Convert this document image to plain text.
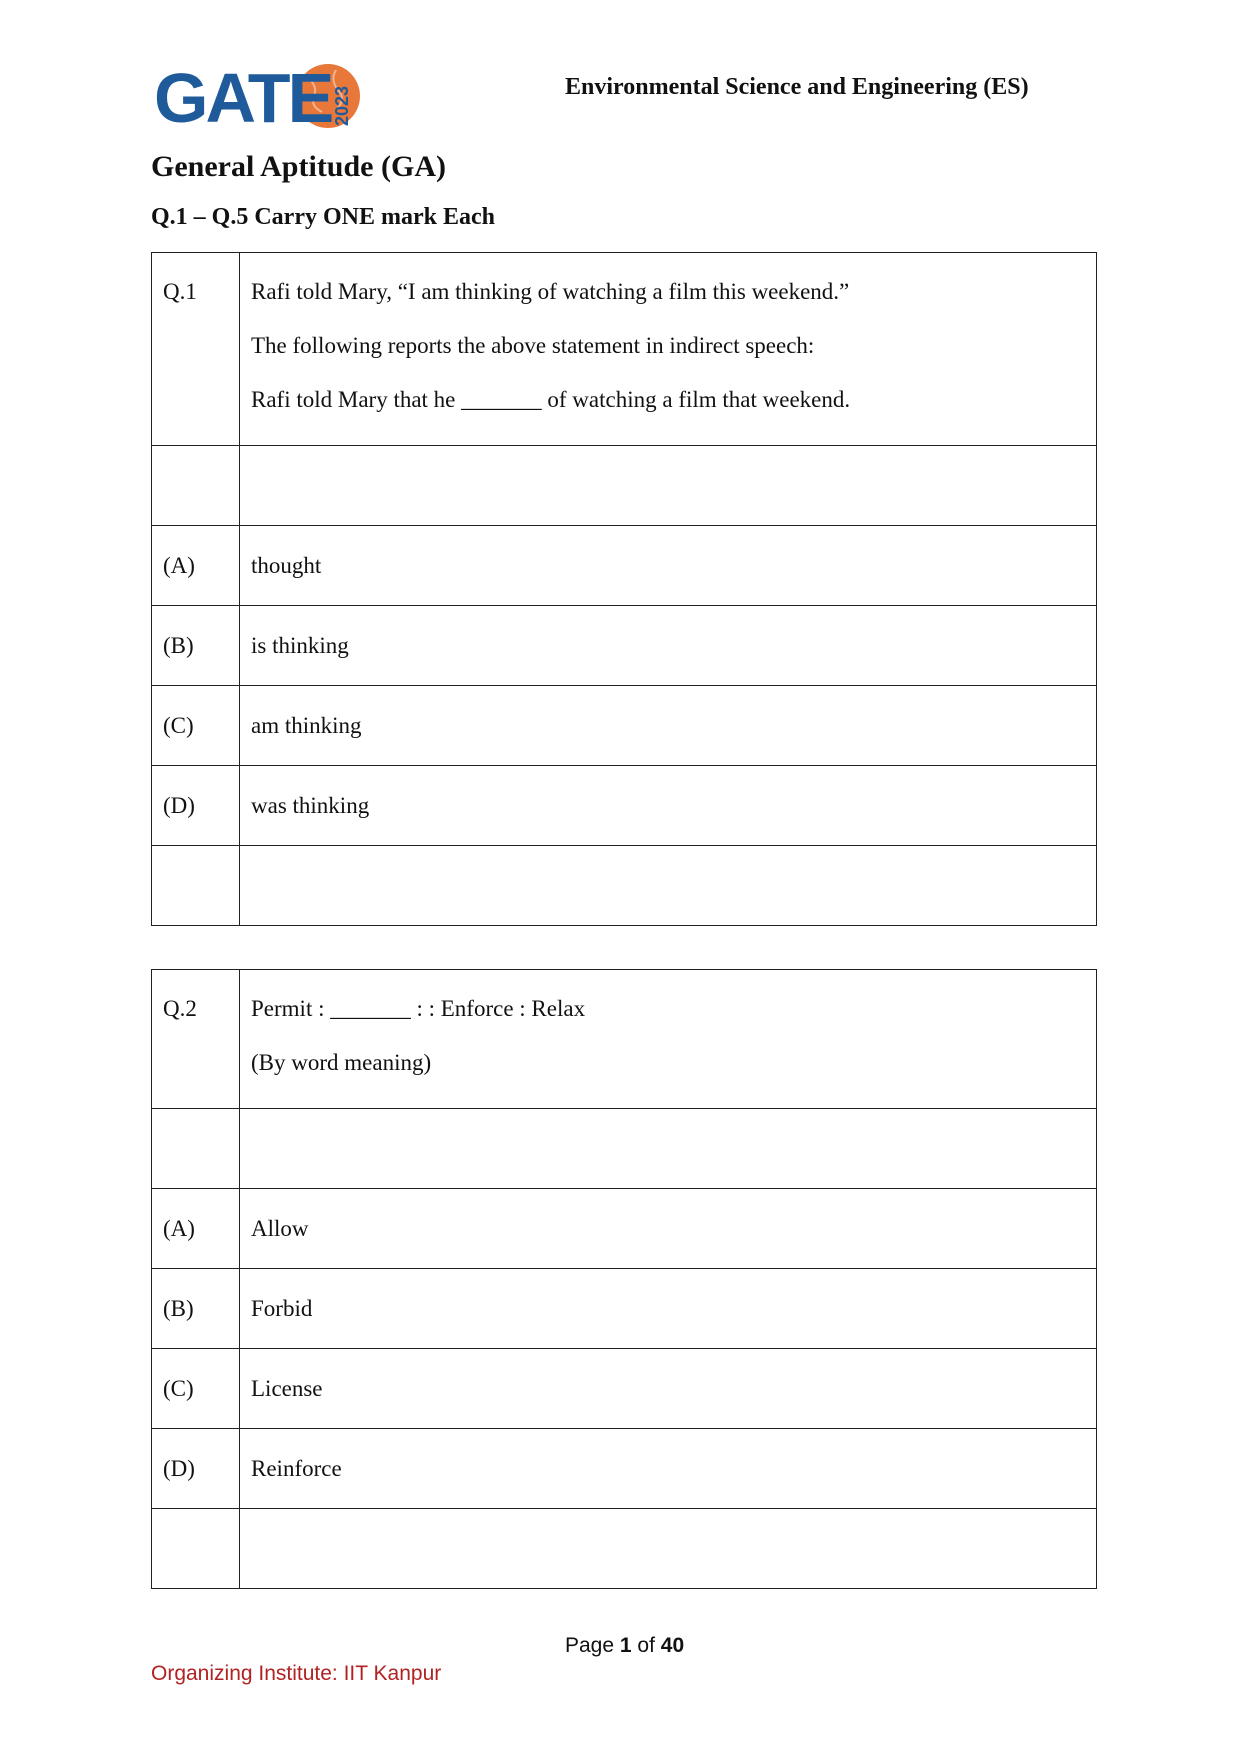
GATE 2023	Environmental Science and Engineering (ES)
General Aptitude (GA)
Q.1 – Q.5 Carry ONE mark Each

Q.1	Rafi told Mary, “I am thinking of watching a film this weekend.”

The following reports the above statement in indirect speech:

Rafi told Mary that he _______ of watching a film that weekend.

(A)	thought
(B)	is thinking
(C)	am thinking
(D)	was thinking

Q.2	Permit : _______ : : Enforce : Relax

(By word meaning)

(A)	Allow
(B)	Forbid
(C)	License
(D)	Reinforce

Page 1 of 40
Organizing Institute: IIT Kanpur
